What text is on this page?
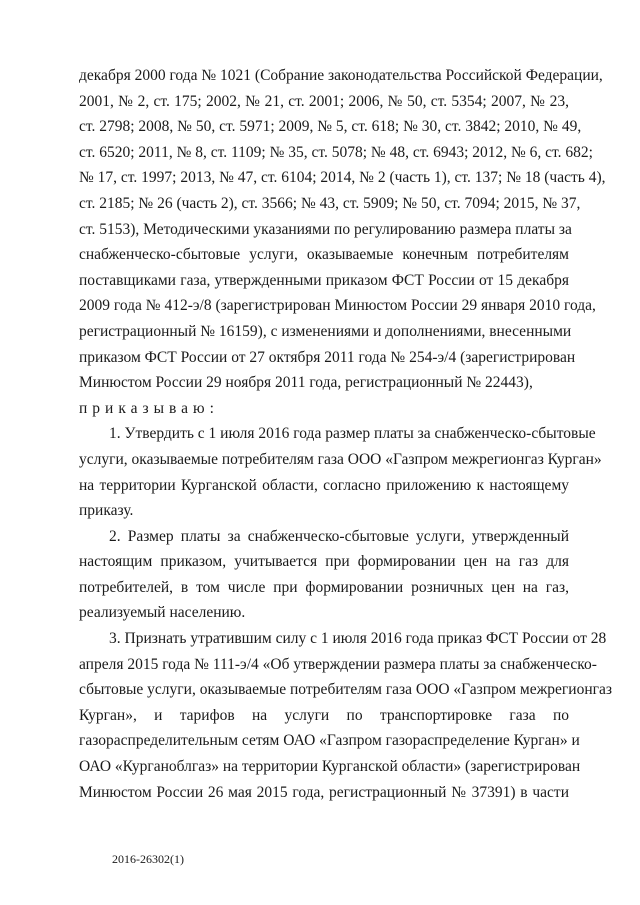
декабря 2000 года № 1021 (Собрание законодательства Российской Федерации,
2001, № 2, ст. 175; 2002, № 21, ст. 2001; 2006, № 50, ст. 5354; 2007, № 23,
ст. 2798; 2008, № 50, ст. 5971; 2009, № 5, ст. 618; № 30, ст. 3842; 2010, № 49,
ст. 6520; 2011, № 8, ст. 1109; № 35, ст. 5078; № 48, ст. 6943; 2012, № 6, ст. 682;
№ 17, ст. 1997; 2013, № 47, ст. 6104; 2014, № 2 (часть 1), ст. 137; № 18 (часть 4),
ст. 2185; № 26 (часть 2), ст. 3566; № 43, ст. 5909; № 50, ст. 7094; 2015, № 37,
ст. 5153), Методическими указаниями по регулированию размера платы за
снабженческо-сбытовые услуги, оказываемые конечным потребителям
поставщиками газа, утвержденными приказом ФСТ России от 15 декабря
2009 года № 412-э/8 (зарегистрирован Минюстом России 29 января 2010 года,
регистрационный № 16159), с изменениями и дополнениями, внесенными
приказом ФСТ России от 27 октября 2011 года № 254-э/4 (зарегистрирован
Минюстом России 29 ноября 2011 года, регистрационный № 22443),
приказываю:
1. Утвердить с 1 июля 2016 года размер платы за снабженческо-сбытовые
услуги, оказываемые потребителям газа ООО «Газпром межрегионгаз Курган»
на территории Курганской области, согласно приложению к настоящему
приказу.
2. Размер платы за снабженческо-сбытовые услуги, утвержденный
настоящим приказом, учитывается при формировании цен на газ для
потребителей, в том числе при формировании розничных цен на газ,
реализуемый населению.
3. Признать утратившим силу с 1 июля 2016 года приказ ФСТ России от 28
апреля 2015 года № 111-э/4 «Об утверждении размера платы за снабженческо-
сбытовые услуги, оказываемые потребителям газа ООО «Газпром межрегионгаз
Курган», и тарифов на услуги по транспортировке газа по
газораспределительным сетям ОАО «Газпром газораспределение Курган» и
ОАО «Курганоблгаз» на территории Курганской области» (зарегистрирован
Минюстом России 26 мая 2015 года, регистрационный № 37391) в части
2016-26302(1)
